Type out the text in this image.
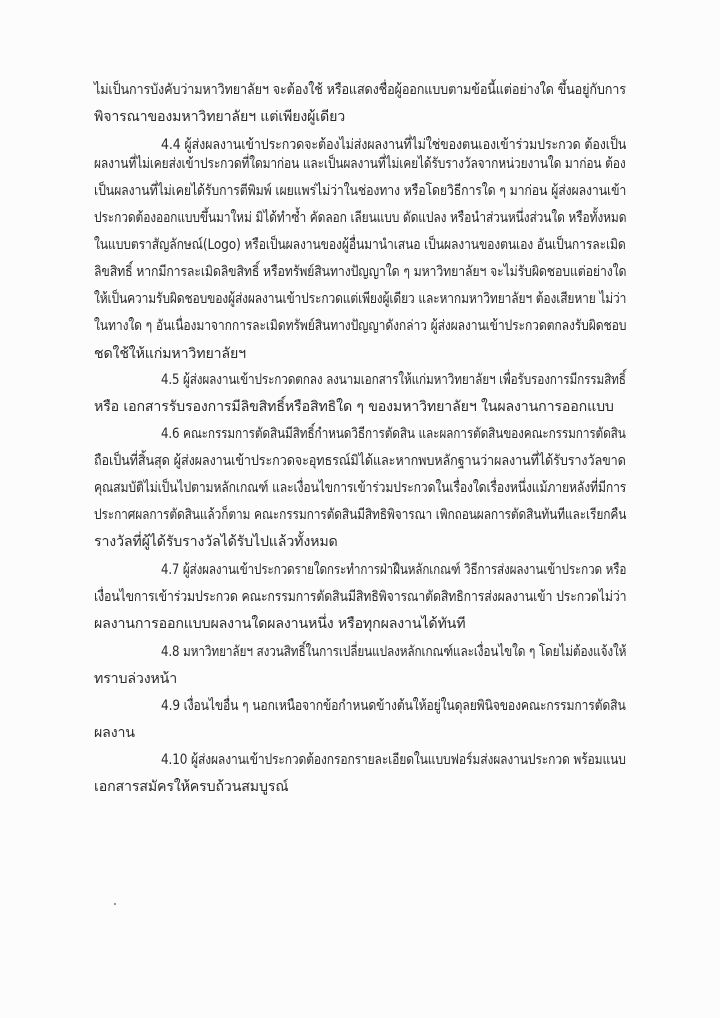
ไม่เป็นการบังคับว่ามหาวิทยาลัยฯ จะต้องใช้ หรือแสดงชื่อผู้ออกแบบตามข้อนี้แต่อย่างใด ขึ้นอยู่กับการ
พิจารณาของมหาวิทยาลัยฯ แต่เพียงผู้เดียว
4.4 ผู้ส่งผลงานเข้าประกวดจะต้องไม่ส่งผลงานที่ไม่ใช่ของตนเองเข้าร่วมประกวด ต้องเป็น
ผลงานที่ไม่เคยส่งเข้าประกวดที่ใดมาก่อน และเป็นผลงานที่ไม่เคยได้รับรางวัลจากหน่วยงานใด มาก่อน ต้อง
เป็นผลงานที่ไม่เคยได้รับการตีพิมพ์ เผยแพร่ไม่ว่าในช่องทาง หรือโดยวิธีการใด ๆ มาก่อน ผู้ส่งผลงานเข้า
ประกวดต้องออกแบบขึ้นมาใหม่ มิได้ทำซ้ำ คัดลอก เลียนแบบ ดัดแปลง หรือนำส่วนหนึ่งส่วนใด หรือทั้งหมด
ในแบบตราสัญลักษณ์(Logo) หรือเป็นผลงานของผู้อื่นมานำเสนอ เป็นผลงานของตนเอง อันเป็นการละเมิด
ลิขสิทธิ์ หากมีการละเมิดลิขสิทธิ์ หรือทรัพย์สินทางปัญญาใด ๆ มหาวิทยาลัยฯ จะไม่รับผิดชอบแต่อย่างใด
ให้เป็นความรับผิดชอบของผู้ส่งผลงานเข้าประกวดแต่เพียงผู้เดียว และหากมหาวิทยาลัยฯ ต้องเสียหาย ไม่ว่า
ในทางใด ๆ อันเนื่องมาจากการละเมิดทรัพย์สินทางปัญญาดังกล่าว ผู้ส่งผลงานเข้าประกวดตกลงรับผิดชอบ
ชดใช้ให้แก่มหาวิทยาลัยฯ
4.5 ผู้ส่งผลงานเข้าประกวดตกลง ลงนามเอกสารให้แก่มหาวิทยาลัยฯ เพื่อรับรองการมีกรรมสิทธิ์
หรือ เอกสารรับรองการมีลิขสิทธิ์หรือสิทธิใด ๆ ของมหาวิทยาลัยฯ ในผลงานการออกแบบ
4.6 คณะกรรมการตัดสินมีสิทธิ์กำหนดวิธีการตัดสิน และผลการตัดสินของคณะกรรมการตัดสิน
ถือเป็นที่สิ้นสุด ผู้ส่งผลงานเข้าประกวดจะอุทธรณ์มิได้และหากพบหลักฐานว่าผลงานที่ได้รับรางวัลขาด
คุณสมบัติไม่เป็นไปตามหลักเกณฑ์ และเงื่อนไขการเข้าร่วมประกวดในเรื่องใดเรื่องหนึ่งแม้ภายหลังที่มีการ
ประกาศผลการตัดสินแล้วก็ตาม คณะกรรมการตัดสินมีสิทธิพิจารณา เพิกถอนผลการตัดสินทันทีและเรียกคืน
รางวัลที่ผู้ได้รับรางวัลได้รับไปแล้วทั้งหมด
4.7 ผู้ส่งผลงานเข้าประกวดรายใดกระทำการฝ่าฝืนหลักเกณฑ์ วิธีการส่งผลงานเข้าประกวด หรือ
เงื่อนไขการเข้าร่วมประกวด คณะกรรมการตัดสินมีสิทธิพิจารณาตัดสิทธิการส่งผลงานเข้า ประกวดไม่ว่า
ผลงานการออกแบบผลงานใดผลงานหนึ่ง หรือทุกผลงานได้ทันที
4.8 มหาวิทยาลัยฯ สงวนสิทธิ์ในการเปลี่ยนแปลงหลักเกณฑ์และเงื่อนไขใด ๆ โดยไม่ต้องแจ้งให้
ทราบล่วงหน้า
4.9 เงื่อนไขอื่น ๆ นอกเหนือจากข้อกำหนดข้างต้นให้อยู่ในดุลยพินิจของคณะกรรมการตัดสิน
ผลงาน
4.10 ผู้ส่งผลงานเข้าประกวดต้องกรอกรายละเอียดในแบบฟอร์มส่งผลงานประกวด พร้อมแนบ
เอกสารสมัครให้ครบถ้วนสมบูรณ์
